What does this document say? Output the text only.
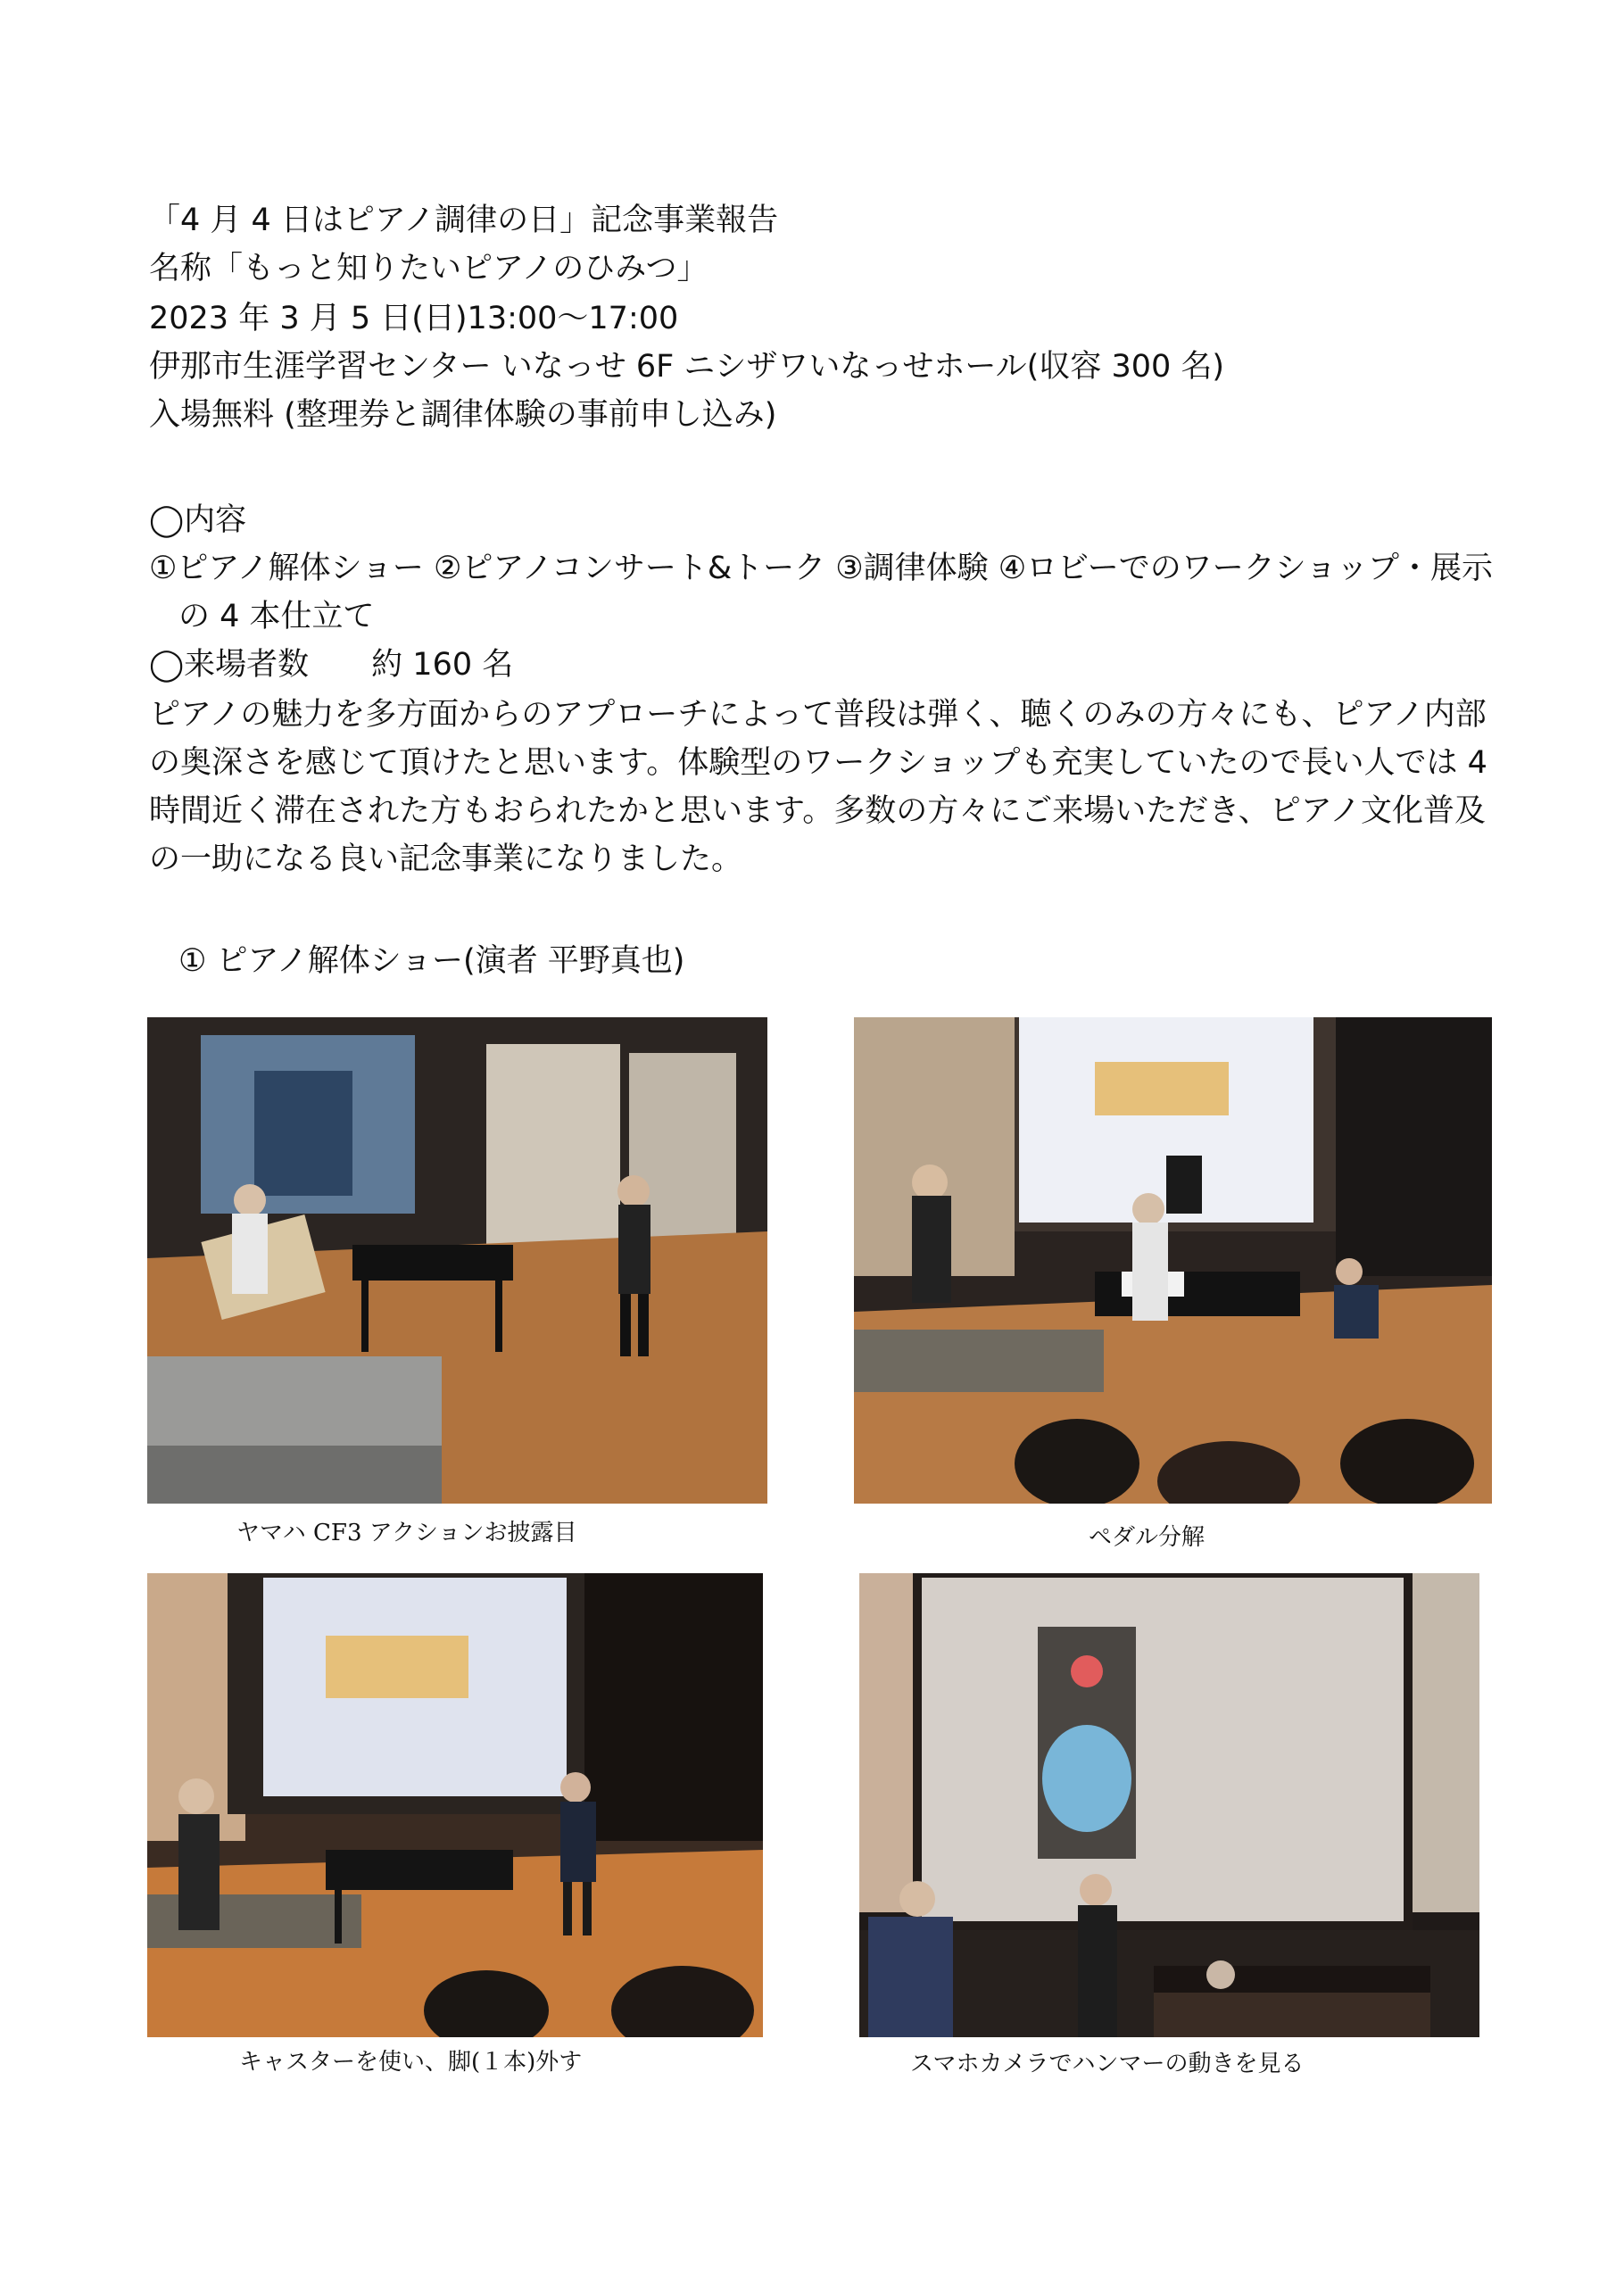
「4 月 4 日はピアノ調律の日」記念事業報告
名称「もっと知りたいピアノのひみつ」
2023 年 3 月 5 日(日)13:00～17:00
伊那市生涯学習センター いなっせ 6F ニシザワいなっせホール(収容 300 名)
入場無料 (整理券と調律体験の事前申し込み)
◯内容
①ピアノ解体ショー ②ピアノコンサート&トーク ③調律体験 ④ロビーでのワークショップ・展示
の 4 本仕立て
◯来場者数　　約 160 名
ピアノの魅力を多方面からのアプローチによって普段は弾く、聴くのみの方々にも、ピアノ内部の奥深さを感じて頂けたと思います。体験型のワークショップも充実していたので長い人では 4 時間近く滞在された方もおられたかと思います。多数の方々にご来場いただき、ピアノ文化普及の一助になる良い記念事業になりました。
① ピアノ解体ショー(演者 平野真也)
ヤマハ CF3 アクションお披露目	ペダル分解
キャスターを使い、脚(１本)外す	スマホカメラでハンマーの動きを見る
